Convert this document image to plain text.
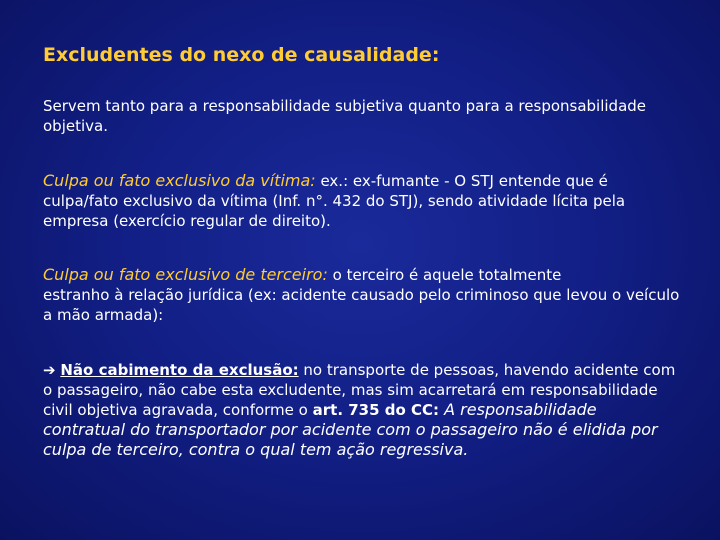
Excludentes do nexo de causalidade:
Servem tanto para a responsabilidade subjetiva quanto para a responsabilidade objetiva.
Culpa ou fato exclusivo da vítima: ex.: ex-fumante - O STJ entende que é
culpa/fato exclusivo da vítima (Inf. n°. 432 do STJ), sendo atividade lícita pela empresa (exercício regular de direito).
Culpa ou fato exclusivo de terceiro: o terceiro é aquele totalmente
estranho à relação jurídica (ex: acidente causado pelo criminoso que levou o veículo a mão armada):
➔ Não cabimento da exclusão: no transporte de pessoas, havendo acidente com o passageiro, não cabe esta excludente, mas sim acarretará em responsabilidade civil objetiva agravada, conforme o art. 735 do CC: A responsabilidade contratual do transportador por acidente com o passageiro não é elidida por culpa de terceiro, contra o qual tem ação regressiva.
